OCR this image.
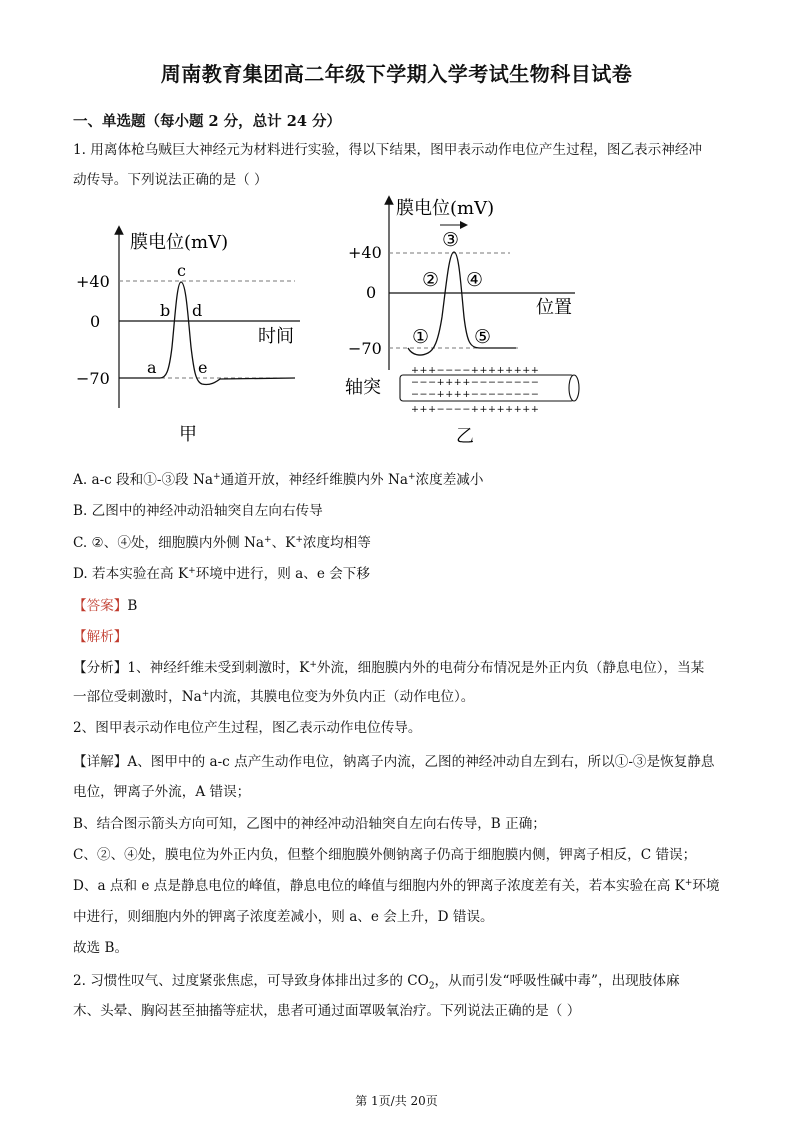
周南教育集团高二年级下学期入学考试生物科目试卷
一、单选题（每小题 2 分，总计 24 分）
1. 用离体枪乌贼巨大神经元为材料进行实验，得以下结果，图甲表示动作电位产生过程，图乙表示神经冲
动传导。下列说法正确的是（ ）
膜电位(mV)
时间
+40
0
−70
a
b
c
d
e
甲
膜电位(mV)
位置
+40
0
−70
③
② ④
① ⑤
轴突
+++−−−−++++++++
−−−++++−−−−−−−−
−−−++++−−−−−−−−
+++−−−−++++++++
乙
A. a-c 段和①-③段 Na+通道开放，神经纤维膜内外 Na+浓度差减小
B. 乙图中的神经冲动沿轴突自左向右传导
C. ②、④处，细胞膜内外侧 Na+、K+浓度均相等
D. 若本实验在高 K+环境中进行，则 a、e 会下移
【答案】B
【解析】
【分析】1、神经纤维未受到刺激时，K+外流，细胞膜内外的电荷分布情况是外正内负（静息电位），当某
一部位受刺激时，Na+内流，其膜电位变为外负内正（动作电位）。
2、图甲表示动作电位产生过程，图乙表示动作电位传导。
【详解】A、图甲中的 a-c 点产生动作电位，钠离子内流，乙图的神经冲动自左到右，所以①-③是恢复静息
电位，钾离子外流，A 错误；
B、结合图示箭头方向可知，乙图中的神经冲动沿轴突自左向右传导，B 正确；
C、②、④处，膜电位为外正内负，但整个细胞膜外侧钠离子仍高于细胞膜内侧，钾离子相反，C 错误；
D、a 点和 e 点是静息电位的峰值，静息电位的峰值与细胞内外的钾离子浓度差有关，若本实验在高 K+环境
中进行，则细胞内外的钾离子浓度差减小，则 a、e 会上升，D 错误。
故选 B。
2. 习惯性叹气、过度紧张焦虑，可导致身体排出过多的 $CO_2$，从而引发“呼吸性碱中毒”，出现肢体麻
木、头晕、胸闷甚至抽搐等症状，患者可通过面罩吸氧治疗。下列说法正确的是（ ）
第 1页/共 20页
